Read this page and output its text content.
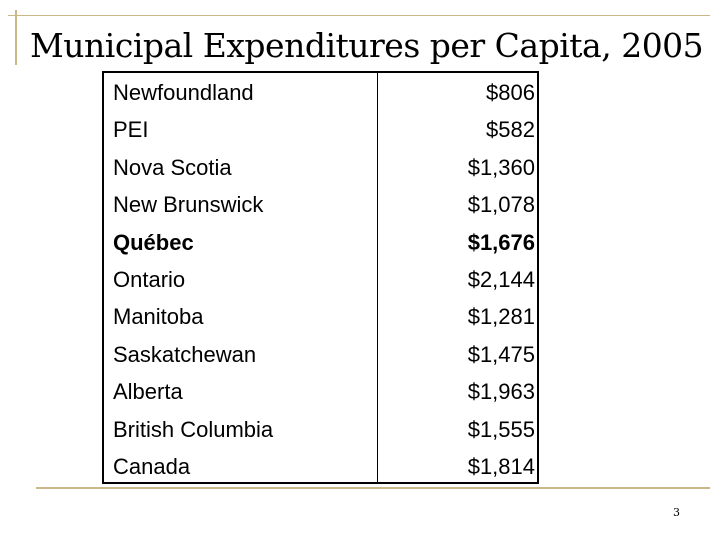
Municipal Expenditures per Capita, 2005
Newfoundland
PEI
Nova Scotia
New Brunswick
Québec
Ontario
Manitoba
Saskatchewan
Alberta
British Columbia
Canada
$806
$582
$1,360
$1,078
$1,676
$2,144
$1,281
$1,475
$1,963
$1,555
$1,814
3
